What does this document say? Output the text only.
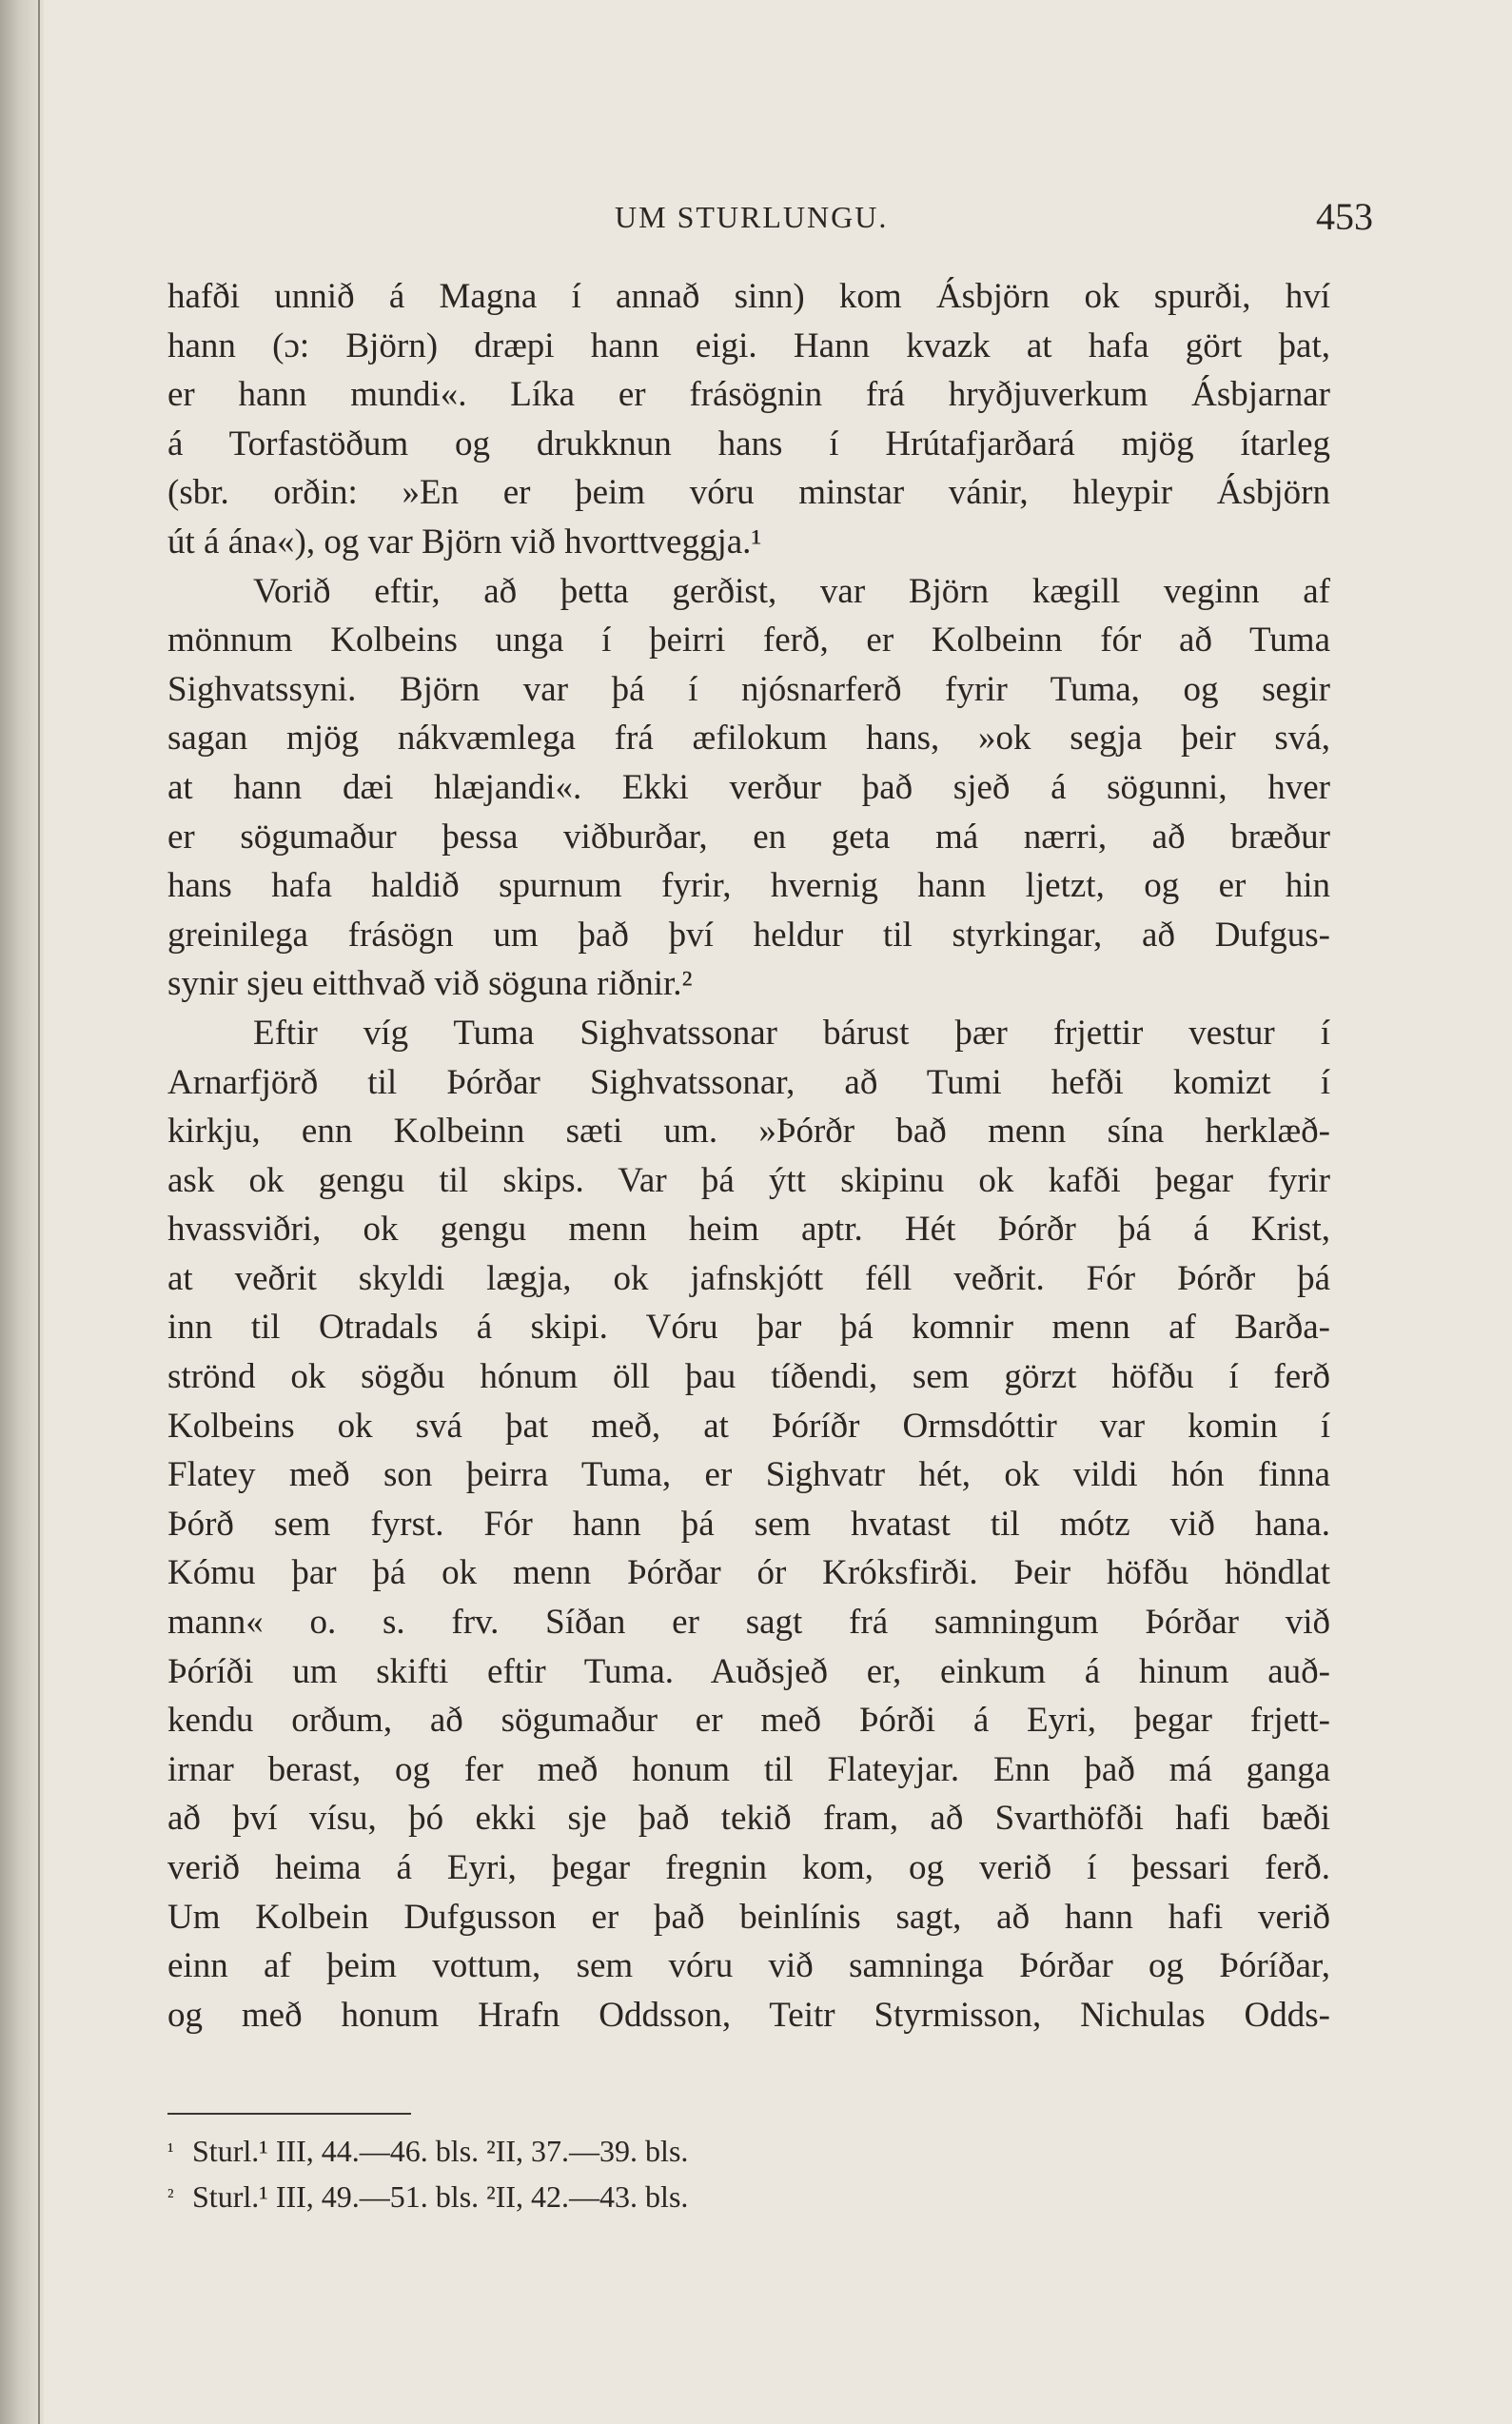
UM STURLUNGU.	453
hafði unnið á Magna í annað sinn) kom Ásbjörn ok spurði, hví
hann (ɔ: Björn) dræpi hann eigi. Hann kvazk at hafa gört þat,
er hann mundi«. Líka er frásögnin frá hryðjuverkum Ásbjarnar
á Torfastöðum og drukknun hans í Hrútafjarðará mjög ítarleg
(sbr. orðin: »En er þeim vóru minstar vánir, hleypir Ásbjörn
út á ána«), og var Björn við hvorttveggja.¹
Vorið eftir, að þetta gerðist, var Björn kægill veginn af
mönnum Kolbeins unga í þeirri ferð, er Kolbeinn fór að Tuma
Sighvatssyni. Björn var þá í njósnarferð fyrir Tuma, og segir
sagan mjög nákvæmlega frá æfilokum hans, »ok segja þeir svá,
at hann dæi hlæjandi«. Ekki verður það sjeð á sögunni, hver
er sögumaður þessa viðburðar, en geta má nærri, að bræður
hans hafa haldið spurnum fyrir, hvernig hann ljetzt, og er hin
greinilega frásögn um það því heldur til styrkingar, að Dufgus-
synir sjeu eitthvað við söguna riðnir.²
Eftir víg Tuma Sighvatssonar bárust þær frjettir vestur í
Arnarfjörð til Þórðar Sighvatssonar, að Tumi hefði komizt í
kirkju, enn Kolbeinn sæti um. »Þórðr bað menn sína herklæð-
ask ok gengu til skips. Var þá ýtt skipinu ok kafði þegar fyrir
hvassviðri, ok gengu menn heim aptr. Hét Þórðr þá á Krist,
at veðrit skyldi lægja, ok jafnskjótt féll veðrit. Fór Þórðr þá
inn til Otradals á skipi. Vóru þar þá komnir menn af Barða-
strönd ok sögðu hónum öll þau tíðendi, sem görzt höfðu í ferð
Kolbeins ok svá þat með, at Þóríðr Ormsdóttir var komin í
Flatey með son þeirra Tuma, er Sighvatr hét, ok vildi hón finna
Þórð sem fyrst. Fór hann þá sem hvatast til mótz við hana.
Kómu þar þá ok menn Þórðar ór Króksfirði. Þeir höfðu höndlat
mann« o. s. frv. Síðan er sagt frá samningum Þórðar við
Þóríði um skifti eftir Tuma. Auðsjeð er, einkum á hinum auð-
kendu orðum, að sögumaður er með Þórði á Eyri, þegar frjett-
irnar berast, og fer með honum til Flateyjar. Enn það má ganga
að því vísu, þó ekki sje það tekið fram, að Svarthöfði hafi bæði
verið heima á Eyri, þegar fregnin kom, og verið í þessari ferð.
Um Kolbein Dufgusson er það beinlínis sagt, að hann hafi verið
einn af þeim vottum, sem vóru við samninga Þórðar og Þóríðar,
og með honum Hrafn Oddsson, Teitr Styrmisson, Nichulas Odds-
¹ Sturl.¹ III, 44.—46. bls. ²II, 37.—39. bls.
² Sturl.¹ III, 49.—51. bls. ²II, 42.—43. bls.
